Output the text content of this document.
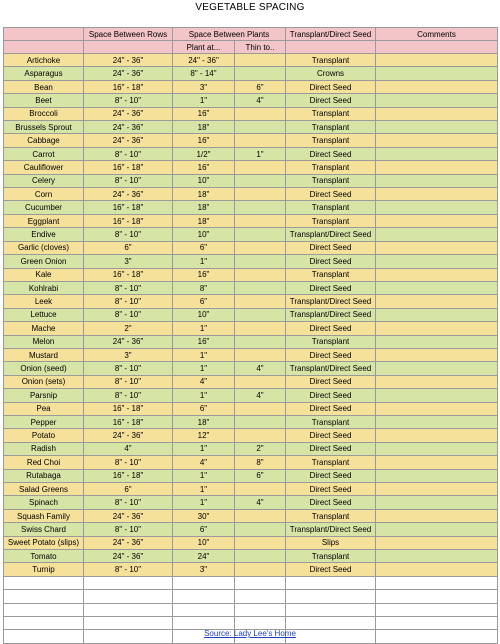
VEGETABLE SPACING
	Space Between Rows	Space Between Plants		Transplant/Direct Seed	Comments
		Plant at...	Thin to..		
Artichoke	24" - 36"	24" - 36"		Transplant	
Asparagus	24" - 36"	8" - 14"		Crowns	
Bean	16" - 18"	3"	6"	Direct Seed	
Beet	8" - 10"	1"	4"	Direct Seed	
Broccoli	24" - 36"	16"		Transplant	
Brussels Sprout	24" - 36"	18"		Transplant	
Cabbage	24" - 36"	16"		Transplant	
Carrot	8" - 10"	1/2"	1"	Direct Seed	
Cauliflower	16" - 18"	16"		Transplant	
Celery	8" - 10"	10"		Transplant	
Corn	24" - 36"	18"		Direct Seed	
Cucumber	16" - 18"	18"		Transplant	
Eggplant	16" - 18"	18"		Transplant	
Endive	8" - 10"	10"		Transplant/Direct Seed	
Garlic (cloves)	6"	6"		Direct Seed	
Green Onion	3"	1"		Direct Seed	
Kale	16" - 18"	16"		Transplant	
Kohlrabi	8" - 10"	8"		Direct Seed	
Leek	8" - 10"	6"		Transplant/Direct Seed	
Lettuce	8" - 10"	10"		Transplant/Direct Seed	
Mache	2"	1"		Direct Seed	
Melon	24" - 36"	16"		Transplant	
Mustard	3"	1"		Direct Seed	
Onion (seed)	8" - 10"	1"	4"	Transplant/Direct Seed	
Onion (sets)	8" - 10"	4"		Direct Seed	
Parsnip	8" - 10"	1"	4"	Direct Seed	
Pea	16" - 18"	6"		Direct Seed	
Pepper	16" - 18"	18"		Transplant	
Potato	24" - 36"	12"		Direct Seed	
Radish	4"	1"	2"	Direct Seed	
Red Choi	8" - 10"	4"	8"	Transplant	
Rutabaga	16" - 18"	1"	6"	Direct Seed	
Salad Greens	6"	1"		Direct Seed	
Spinach	8" - 10"	1"	4"	Direct Seed	
Squash Family	24" - 36"	30"		Transplant	
Swiss Chard	8" - 10"	6"		Transplant/Direct Seed	
Sweet Potato (slips)	24" - 36"	10"		Slips	
Tomato	24" - 36"	24"		Transplant	
Turnip	8" - 10"	3"		Direct Seed	

Source: Lady Lee's Home
